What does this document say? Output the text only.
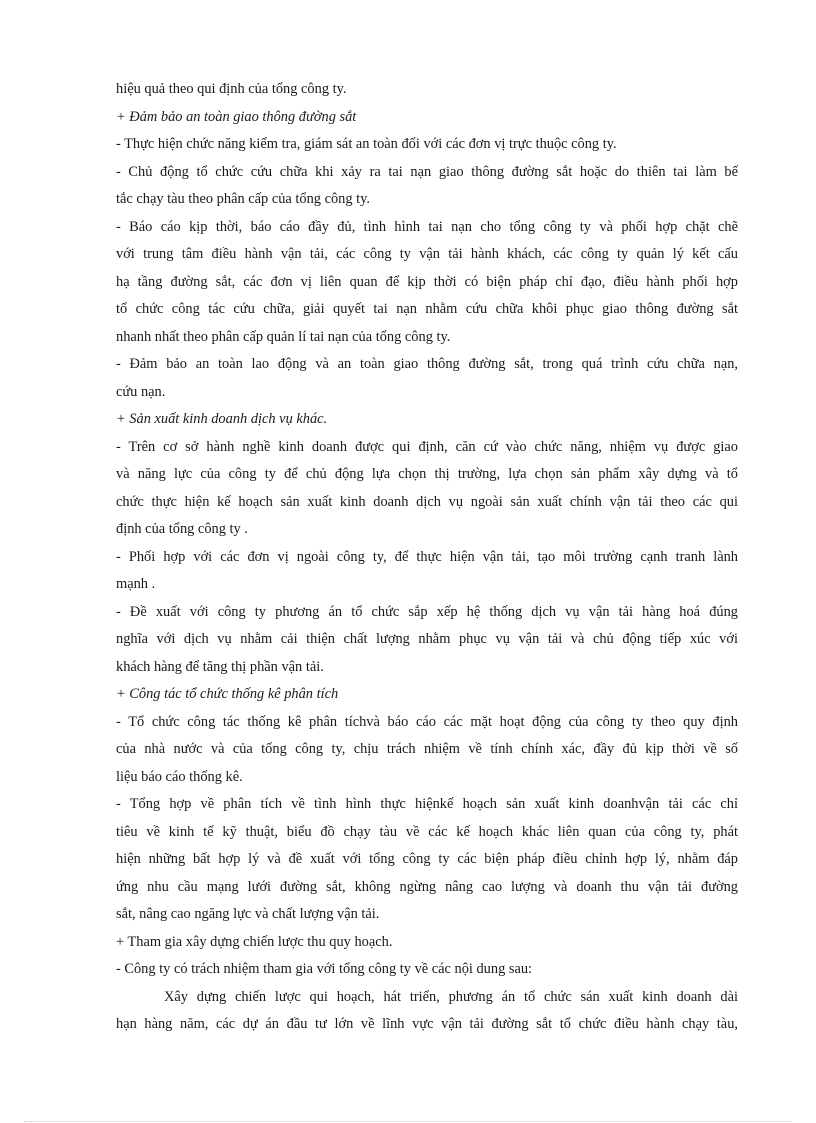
hiệu quả theo qui định của tổng công ty.
+ Đảm bảo an toàn giao thông đường sắt
- Thực hiện chức năng kiểm tra, giám sát an toàn đối với các đơn vị trực thuộc công ty.
- Chủ động tổ chức cứu chữa khi xảy ra tai nạn giao thông đường sắt hoặc do thiên tai làm bế
tắc chạy tàu theo phân cấp của tổng công ty.
- Báo cáo kịp thời, báo cáo đầy đủ, tình hình tai nạn cho tổng công ty và phối hợp chặt chẽ
với trung tâm điều hành vận tải, các công ty vận tải hành khách, các công ty quản lý kết cấu
hạ tầng đường sắt, các đơn vị liên quan để kịp thời có biện pháp chỉ đạo, điều hành phối hợp
tổ chức công tác cứu chữa, giải quyết tai nạn nhằm cứu chữa khôi phục giao thông đường sắt
nhanh nhất theo phân cấp quản lí tai nạn của tổng công ty.
- Đảm bảo an toàn lao động và an toàn giao thông đường sắt, trong quá trình cứu chữa nạn,
cứu nạn.
+ Sản xuất kinh doanh dịch vụ khác.
- Trên cơ sở hành nghề kinh doanh được qui định, căn cứ vào chức năng, nhiệm vụ được giao
và năng lực của công ty để chủ động lựa chọn thị trường, lựa chọn sản phẩm xây dựng và tổ
chức thực hiện kế hoạch sản xuất kinh doanh dịch vụ ngoài sản xuất chính vận tải theo các qui
định của tổng công ty .
- Phối hợp với các đơn vị ngoài công ty, để thực hiện vận tải, tạo môi trường cạnh tranh lành
mạnh .
- Đề xuất với công ty phương án tổ chức sắp xếp hệ thống dịch vụ vận tải hàng hoá đúng
nghĩa với dịch vụ nhằm cải thiện chất lượng nhằm phục vụ vận tải và chủ động tiếp xúc với
khách hàng để tăng thị phần vận tải.
+ Công tác tổ chức thống kê phân tích
- Tổ chức công tác thống kê phân tíchvà báo cáo các mặt hoạt động của công ty theo quy định
của nhà nước và của tổng công ty, chịu trách nhiệm về tính chính xác, đầy đủ kịp thời về số
liệu báo cáo thống kê.
- Tổng hợp về phân tích về tình hình thực hiệnkế hoạch sản xuất kinh doanhvận tải các chỉ
tiêu về kinh tế kỹ thuật, biểu đồ chạy tàu về các kế hoạch khác liên quan của công ty, phát
hiện những bất hợp lý và đề xuất với tổng công ty các biện pháp điều chỉnh hợp lý, nhằm đáp
ứng nhu cầu mạng lưới đường sắt, không ngừng nâng cao lượng và doanh thu vận tải đường
sắt, nâng cao ngăng lực và chất lượng vận tải.
+ Tham gia xây dựng chiến lược thu quy hoạch.
- Công ty có trách nhiệm tham gia với tổng công ty về các nội dung sau:
Xây dựng chiến lược qui hoạch, hát triển, phương án tổ chức sán xuất kinh doanh dài
hạn hàng năm, các dự án đầu tư lớn về lĩnh vực vận tải đường sắt tổ chức điều hành chạy tàu,
